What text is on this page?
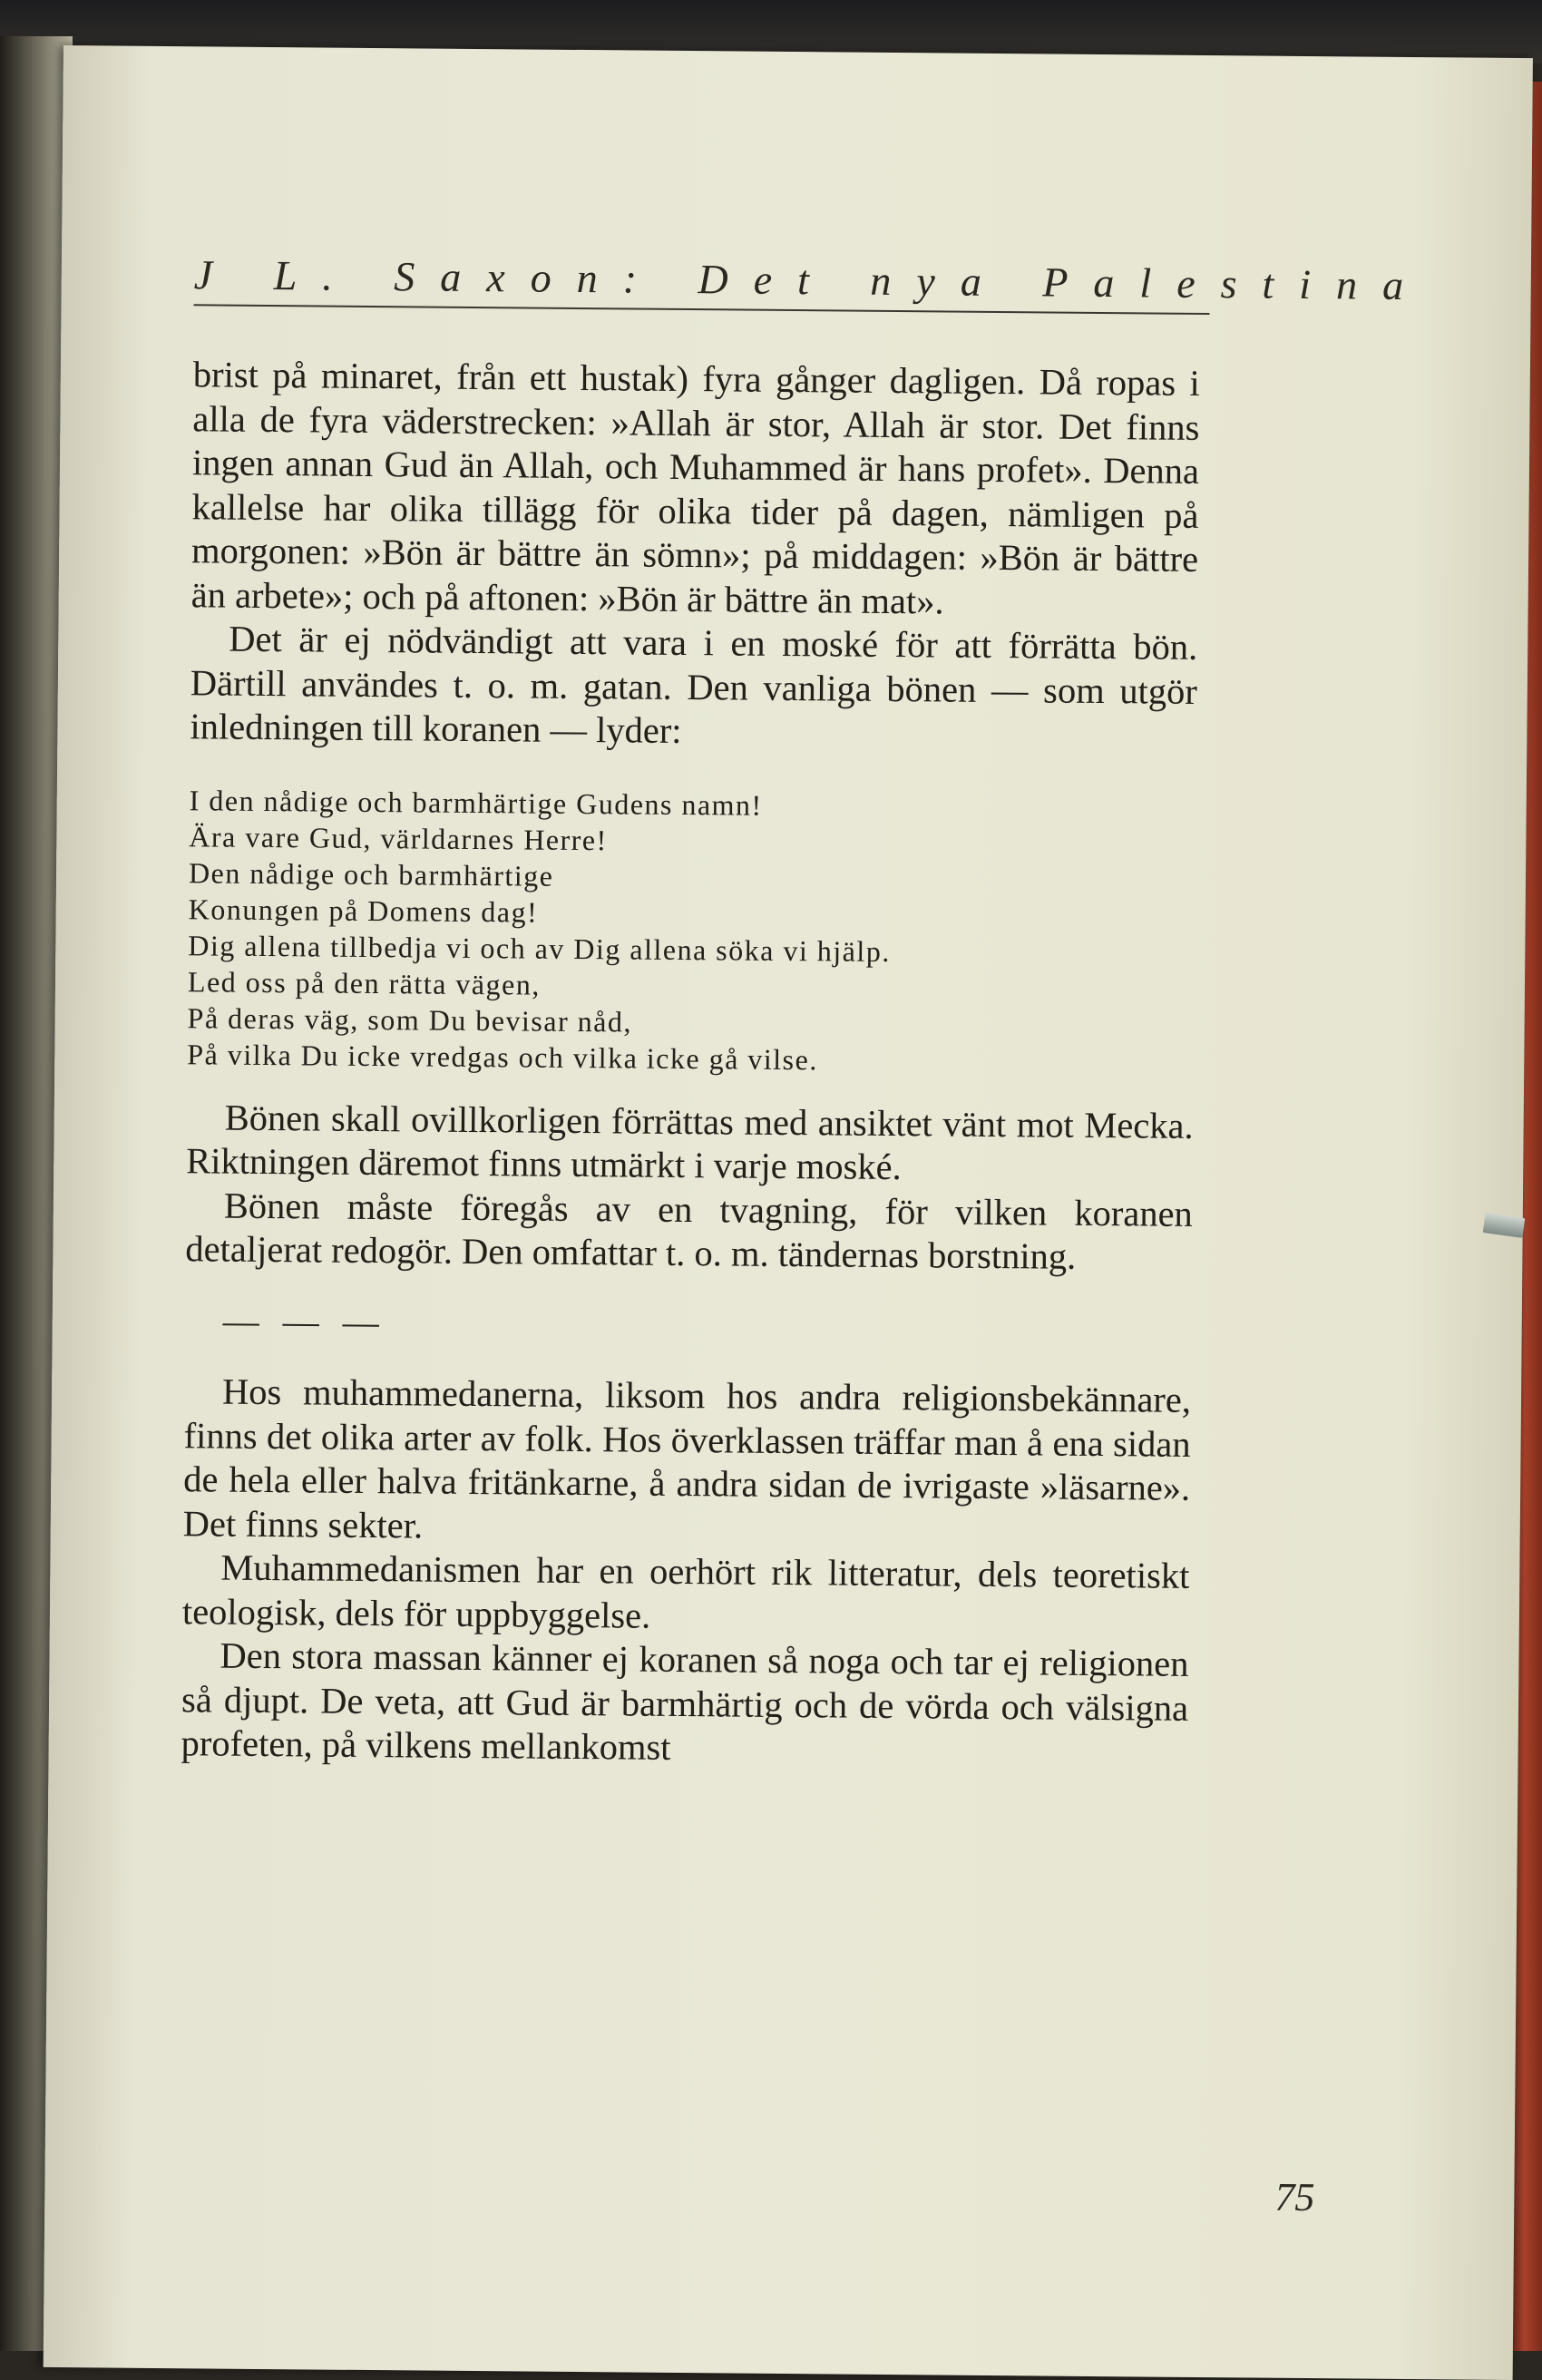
J L. Saxon: Det nya Palestina

brist på minaret, från ett hustak) fyra gånger dagligen. Då ropas i alla de fyra väderstrecken: »Allah är stor, Allah är stor. Det finns ingen annan Gud än Allah, och Muhammed är hans profet». Denna kallelse har olika tillägg för olika tider på dagen, nämligen på morgonen: »Bön är bättre än sömn»; på middagen: »Bön är bättre än arbete»; och på aftonen: »Bön är bättre än mat».

Det är ej nödvändigt att vara i en moské för att förrätta bön. Därtill användes t. o. m. gatan. Den vanliga bönen — som utgör inledningen till koranen — lyder:

I den nådige och barmhärtige Gudens namn!
Ära vare Gud, världarnes Herre!
Den nådige och barmhärtige
Konungen på Domens dag!
Dig allena tillbedja vi och av Dig allena söka vi hjälp.
Led oss på den rätta vägen,
På deras väg, som Du bevisar nåd,
På vilka Du icke vredgas och vilka icke gå vilse.

Bönen skall ovillkorligen förrättas med ansiktet vänt mot Mecka. Riktningen däremot finns utmärkt i varje moské.

Bönen måste föregås av en tvagning, för vilken koranen detaljerat redogör. Den omfattar t. o. m. tändernas borstning.

— — —

Hos muhammedanerna, liksom hos andra religionsbekännare, finns det olika arter av folk. Hos överklassen träffar man å ena sidan de hela eller halva fritänkarne, å andra sidan de ivrigaste »läsarne». Det finns sekter.

Muhammedanismen har en oerhört rik litteratur, dels teoretiskt teologisk, dels för uppbyggelse.

Den stora massan känner ej koranen så noga och tar ej religionen så djupt. De veta, att Gud är barmhärtig och de vörda och välsigna profeten, på vilkens mellankomst

75
